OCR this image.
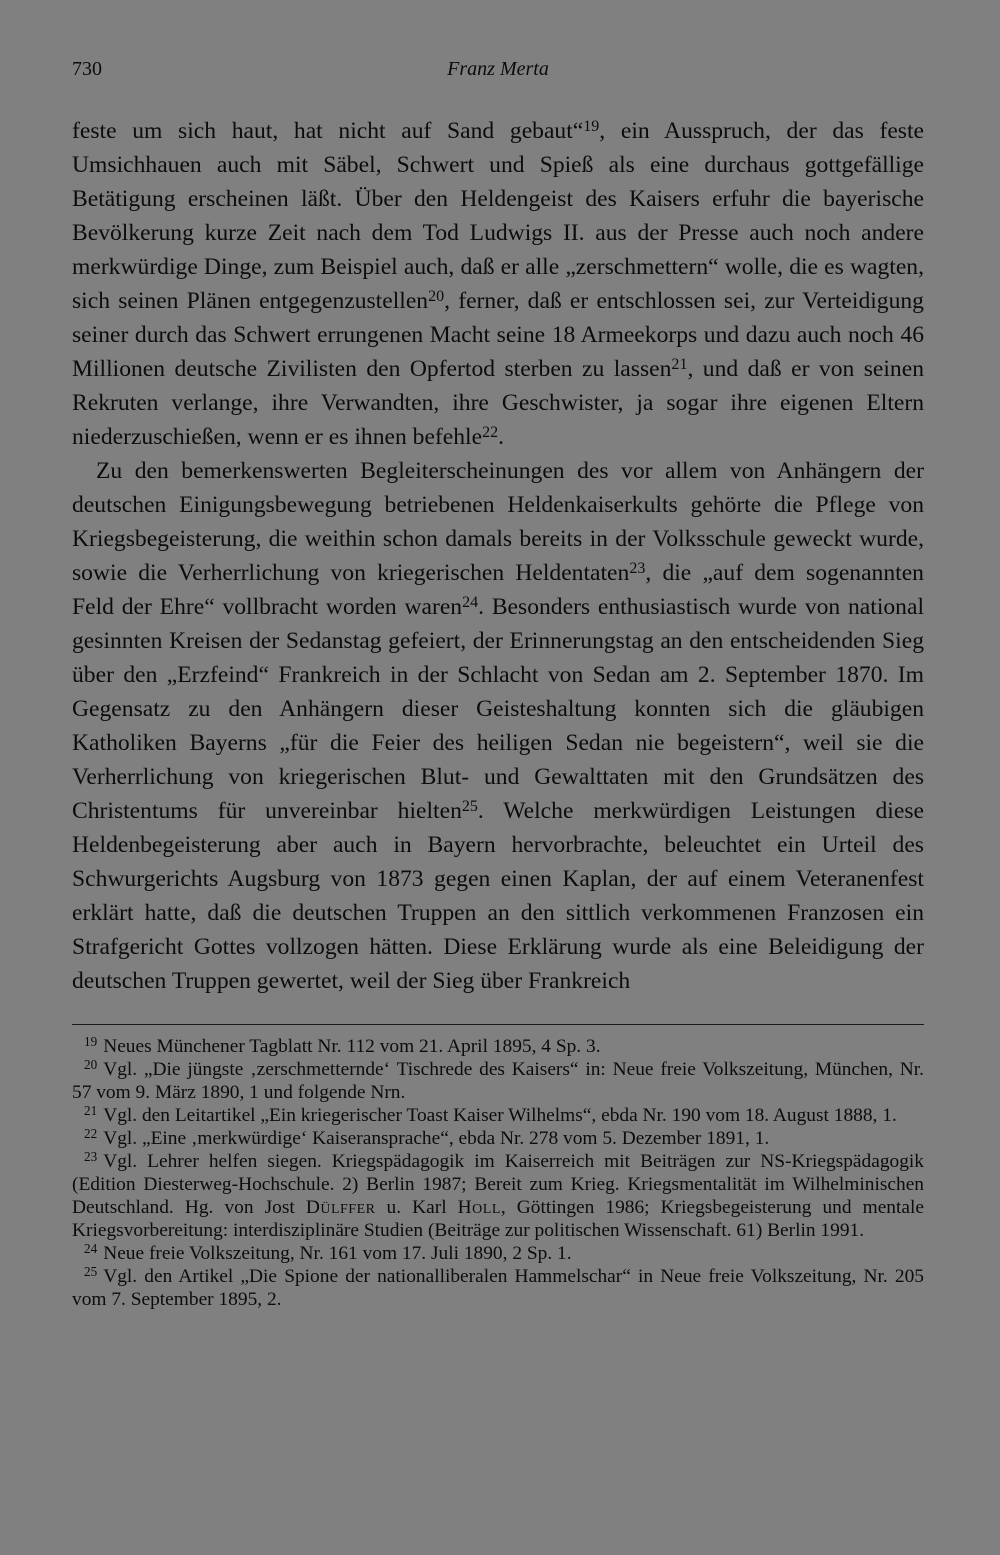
730	Franz Merta

feste um sich haut, hat nicht auf Sand gebaut“$^{19}$, ein Ausspruch, der das feste Umsichhauen auch mit Säbel, Schwert und Spieß als eine durchaus gottgefällige Betätigung erscheinen läßt. Über den Heldengeist des Kaisers erfuhr die bayerische Bevölkerung kurze Zeit nach dem Tod Ludwigs II. aus der Presse auch noch andere merkwürdige Dinge, zum Beispiel auch, daß er alle „zerschmettern“ wolle, die es wagten, sich seinen Plänen entgegenzustellen$^{20}$, ferner, daß er entschlossen sei, zur Verteidigung seiner durch das Schwert errungenen Macht seine 18 Armeekorps und dazu auch noch 46 Millionen deutsche Zivilisten den Opfertod sterben zu lassen$^{21}$, und daß er von seinen Rekruten verlange, ihre Verwandten, ihre Geschwister, ja sogar ihre eigenen Eltern niederzuschießen, wenn er es ihnen befehle$^{22}$.

Zu den bemerkenswerten Begleiterscheinungen des vor allem von Anhängern der deutschen Einigungsbewegung betriebenen Heldenkaiserkults gehörte die Pflege von Kriegsbegeisterung, die weithin schon damals bereits in der Volksschule geweckt wurde, sowie die Verherrlichung von kriegerischen Heldentaten$^{23}$, die „auf dem sogenannten Feld der Ehre“ vollbracht worden waren$^{24}$. Besonders enthusiastisch wurde von national gesinnten Kreisen der Sedanstag gefeiert, der Erinnerungstag an den entscheidenden Sieg über den „Erzfeind“ Frankreich in der Schlacht von Sedan am 2. September 1870. Im Gegensatz zu den Anhängern dieser Geisteshaltung konnten sich die gläubigen Katholiken Bayerns „für die Feier des heiligen Sedan nie begeistern“, weil sie die Verherrlichung von kriegerischen Blut- und Gewalttaten mit den Grundsätzen des Christentums für unvereinbar hielten$^{25}$. Welche merkwürdigen Leistungen diese Heldenbegeisterung aber auch in Bayern hervorbrachte, beleuchtet ein Urteil des Schwurgerichts Augsburg von 1873 gegen einen Kaplan, der auf einem Veteranenfest erklärt hatte, daß die deutschen Truppen an den sittlich verkommenen Franzosen ein Strafgericht Gottes vollzogen hätten. Diese Erklärung wurde als eine Beleidigung der deutschen Truppen gewertet, weil der Sieg über Frankreich

$^{19}$ Neues Münchener Tagblatt Nr. 112 vom 21. April 1895, 4 Sp. 3.

$^{20}$ Vgl. „Die jüngste ‚zerschmetternde‘ Tischrede des Kaisers“ in: Neue freie Volkszeitung, München, Nr. 57 vom 9. März 1890, 1 und folgende Nrn.

$^{21}$ Vgl. den Leitartikel „Ein kriegerischer Toast Kaiser Wilhelms“, ebda Nr. 190 vom 18. August 1888, 1.

$^{22}$ Vgl. „Eine ‚merkwürdige‘ Kaiseransprache“, ebda Nr. 278 vom 5. Dezember 1891, 1.

$^{23}$ Vgl. Lehrer helfen siegen. Kriegspädagogik im Kaiserreich mit Beiträgen zur NS-Kriegspädagogik (Edition Diesterweg-Hochschule. 2) Berlin 1987; Bereit zum Krieg. Kriegsmentalität im Wilhelminischen Deutschland. Hg. von Jost Dülffer u. Karl Holl, Göttingen 1986; Kriegsbegeisterung und mentale Kriegsvorbereitung: interdisziplinäre Studien (Beiträge zur politischen Wissenschaft. 61) Berlin 1991.

$^{24}$ Neue freie Volkszeitung, Nr. 161 vom 17. Juli 1890, 2 Sp. 1.

$^{25}$ Vgl. den Artikel „Die Spione der nationalliberalen Hammelschar“ in Neue freie Volkszeitung, Nr. 205 vom 7. September 1895, 2.
